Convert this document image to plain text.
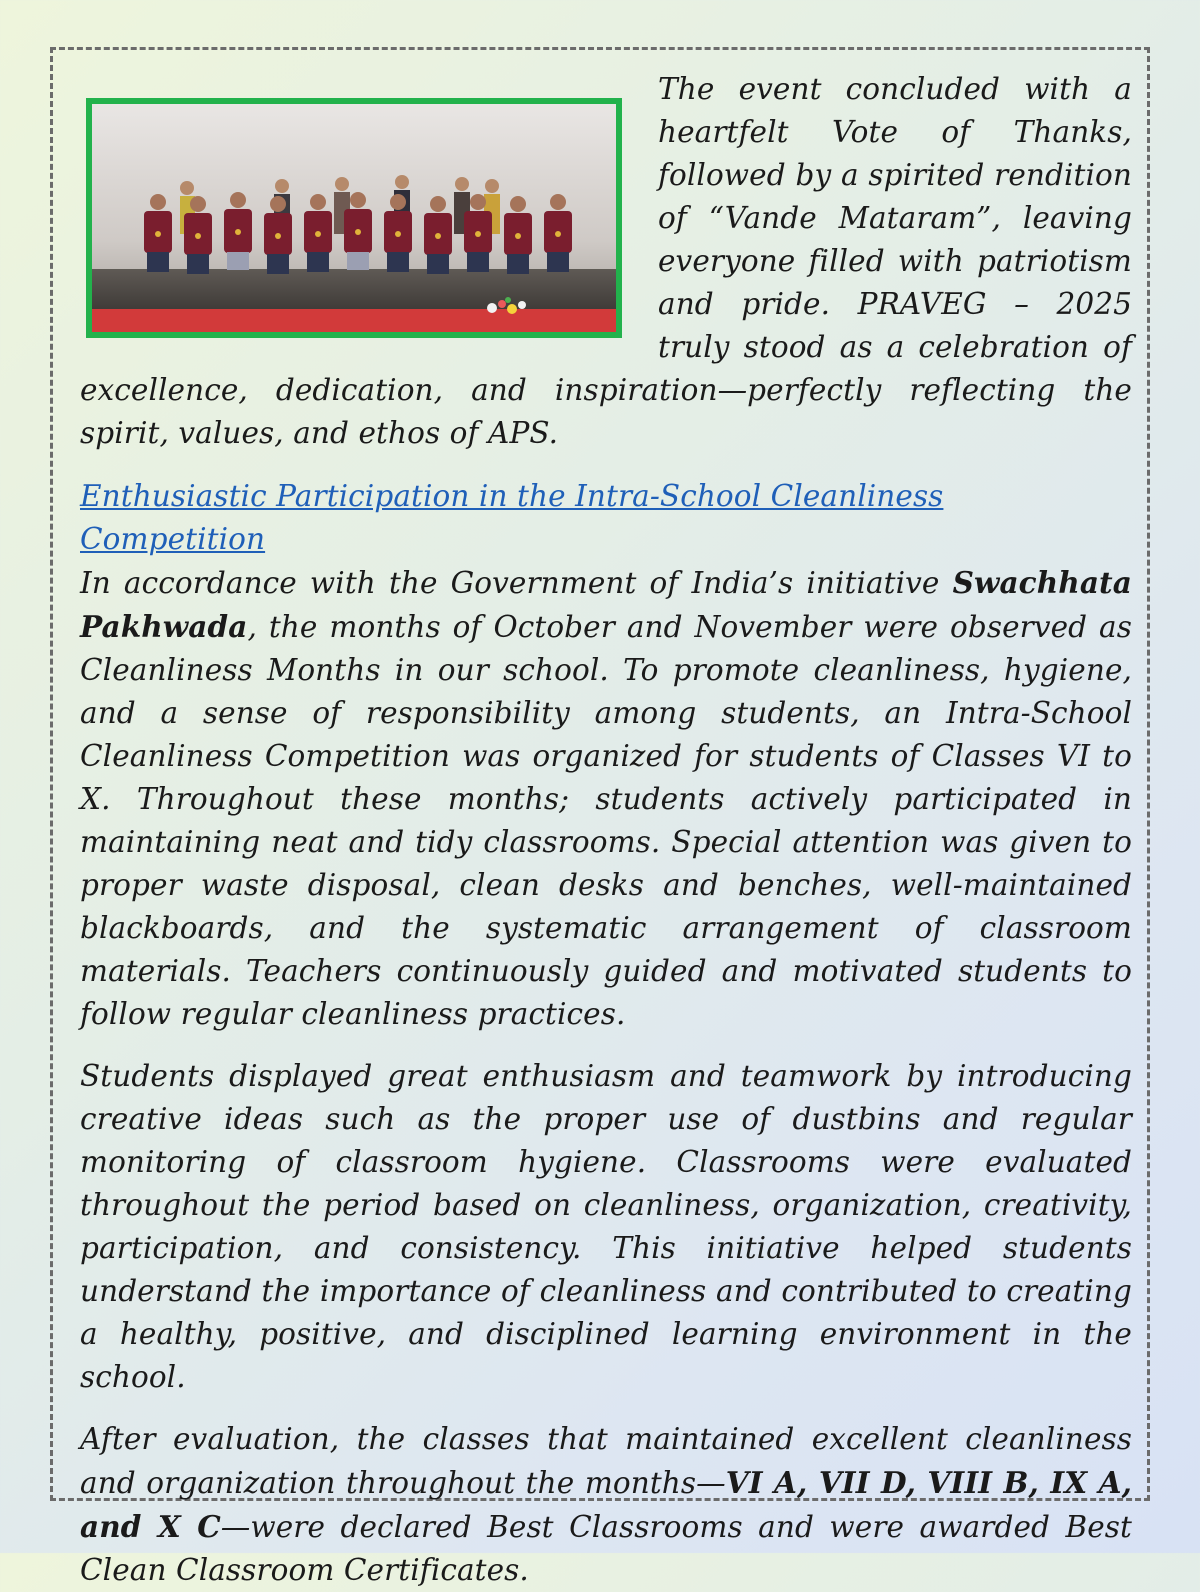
The event concluded with a heartfelt Vote of Thanks, followed by a spirited rendition of “Vande Mataram”, leaving everyone filled with patriotism and pride. PRAVEG – 2025 truly stood as a celebration of excellence, dedication, and inspiration—perfectly reflecting the spirit, values, and ethos of APS.

Enthusiastic Participation in the Intra-School Cleanliness Competition

In accordance with the Government of India’s initiative Swachhata Pakhwada, the months of October and November were observed as Cleanliness Months in our school. To promote cleanliness, hygiene, and a sense of responsibility among students, an Intra-School Cleanliness Competition was organized for students of Classes VI to X. Throughout these months; students actively participated in maintaining neat and tidy classrooms. Special attention was given to proper waste disposal, clean desks and benches, well-maintained blackboards, and the systematic arrangement of classroom materials. Teachers continuously guided and motivated students to follow regular cleanliness practices.

Students displayed great enthusiasm and teamwork by introducing creative ideas such as the proper use of dustbins and regular monitoring of classroom hygiene. Classrooms were evaluated throughout the period based on cleanliness, organization, creativity, participation, and consistency. This initiative helped students understand the importance of cleanliness and contributed to creating a healthy, positive, and disciplined learning environment in the school.

After evaluation, the classes that maintained excellent cleanliness and organization throughout the months—VI A, VII D, VIII B, IX A, and X C—were declared Best Classrooms and were awarded Best Clean Classroom Certificates.
